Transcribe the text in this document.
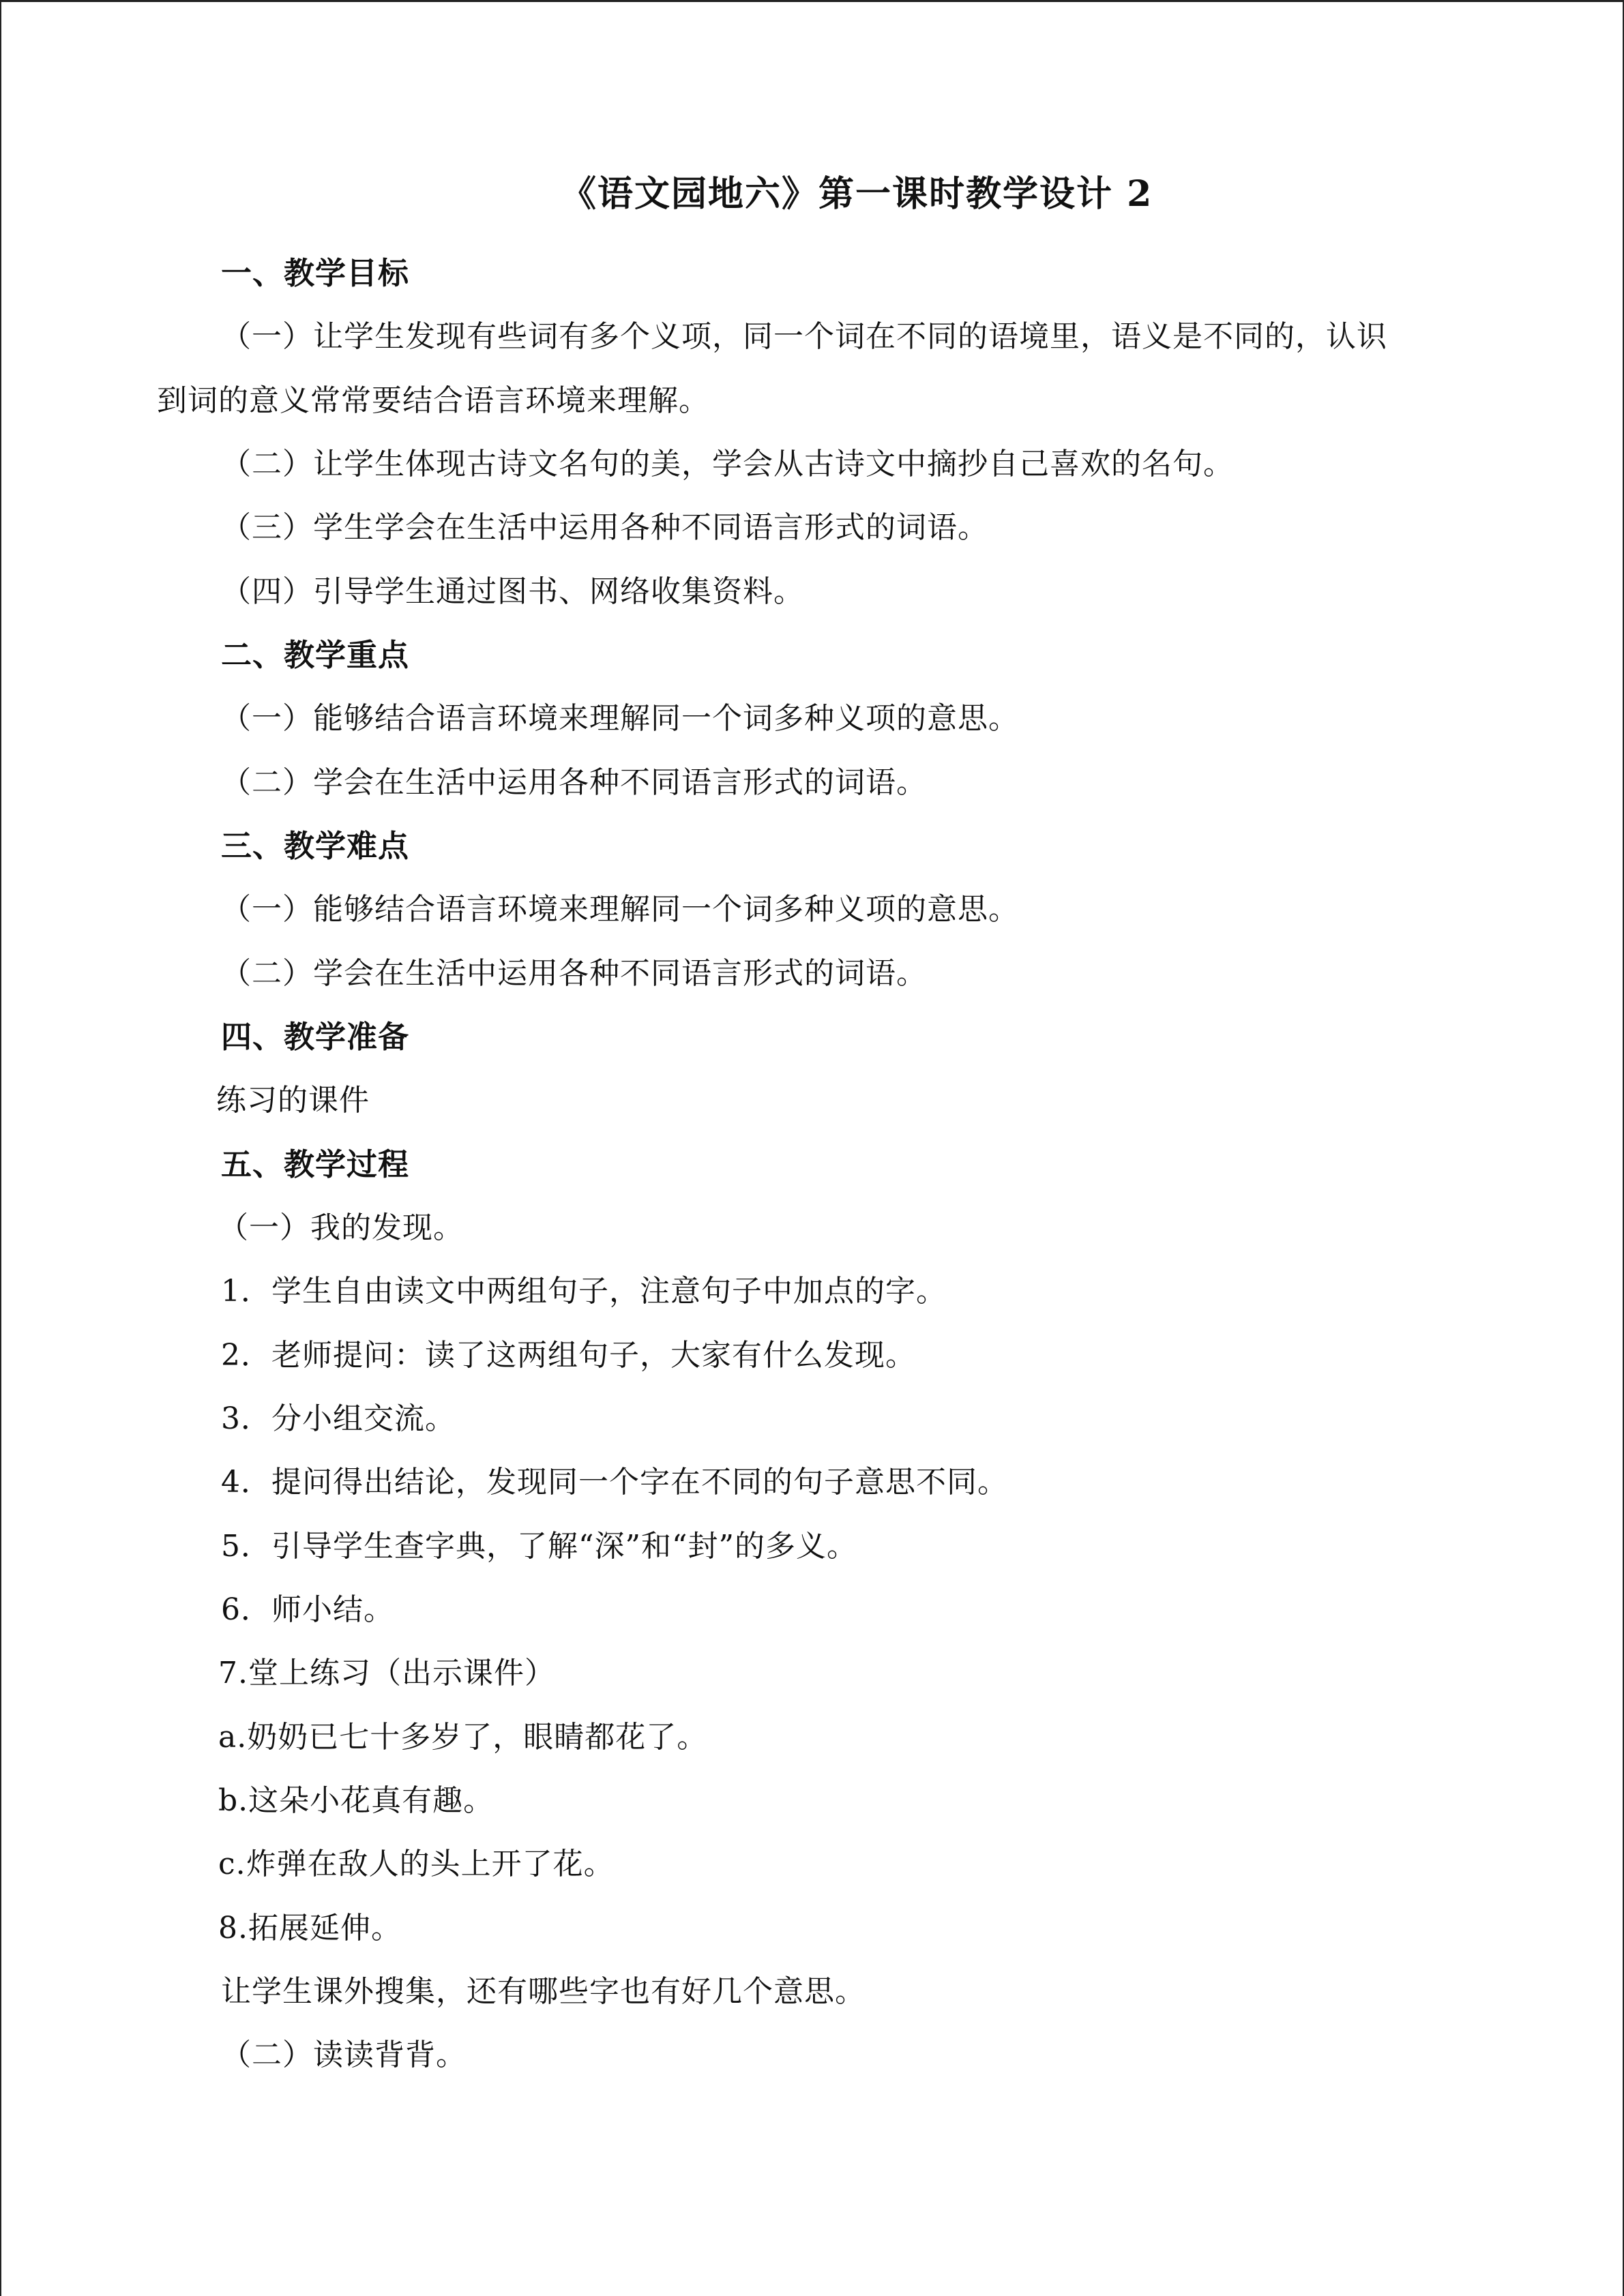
《语文园地六》第一课时教学设计 2
一、教学目标
（一）让学生发现有些词有多个义项，同一个词在不同的语境里，语义是不同的，认识
到词的意义常常要结合语言环境来理解。
（二）让学生体现古诗文名句的美，学会从古诗文中摘抄自己喜欢的名句。
（三）学生学会在生活中运用各种不同语言形式的词语。
（四）引导学生通过图书、网络收集资料。
二、教学重点
（一）能够结合语言环境来理解同一个词多种义项的意思。
（二）学会在生活中运用各种不同语言形式的词语。
三、教学难点
（一）能够结合语言环境来理解同一个词多种义项的意思。
（二）学会在生活中运用各种不同语言形式的词语。
四、教学准备
练习的课件
五、教学过程
（一）我的发现。
1．学生自由读文中两组句子，注意句子中加点的字。
2．老师提问：读了这两组句子，大家有什么发现。
3．分小组交流。
4．提问得出结论，发现同一个字在不同的句子意思不同。
5．引导学生查字典，了解“深”和“封”的多义。
6．师小结。
7.堂上练习（出示课件）
a.奶奶已七十多岁了，眼睛都花了。
b.这朵小花真有趣。
c.炸弹在敌人的头上开了花。
8.拓展延伸。
让学生课外搜集，还有哪些字也有好几个意思。
（二）读读背背。
